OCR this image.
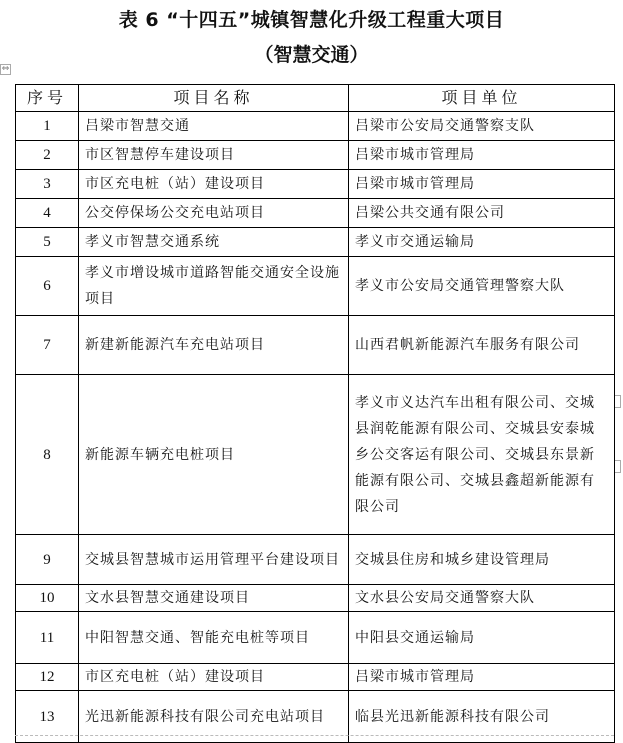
表 6 “十四五”城镇智慧化升级工程重大项目
（智慧交通）
⇔
序号	项目名称	项目单位
1	吕梁市智慧交通	吕梁市公安局交通警察支队
2	市区智慧停车建设项目	吕梁市城市管理局
3	市区充电桩（站）建设项目	吕梁市城市管理局
4	公交停保场公交充电站项目	吕梁公共交通有限公司
5	孝义市智慧交通系统	孝义市交通运输局
6	孝义市增设城市道路智能交通安全设施项目	孝义市公安局交通管理警察大队
7	新建新能源汽车充电站项目	山西君帆新能源汽车服务有限公司
8	新能源车辆充电桩项目	孝义市义达汽车出租有限公司、交城县润乾能源有限公司、交城县安泰城乡公交客运有限公司、交城县东景新能源有限公司、交城县鑫超新能源有限公司
9	交城县智慧城市运用管理平台建设项目	交城县住房和城乡建设管理局
10	文水县智慧交通建设项目	文水县公安局交通警察大队
11	中阳智慧交通、智能充电桩等项目	中阳县交通运输局
12	市区充电桩（站）建设项目	吕梁市城市管理局
13	光迅新能源科技有限公司充电站项目	临县光迅新能源科技有限公司
